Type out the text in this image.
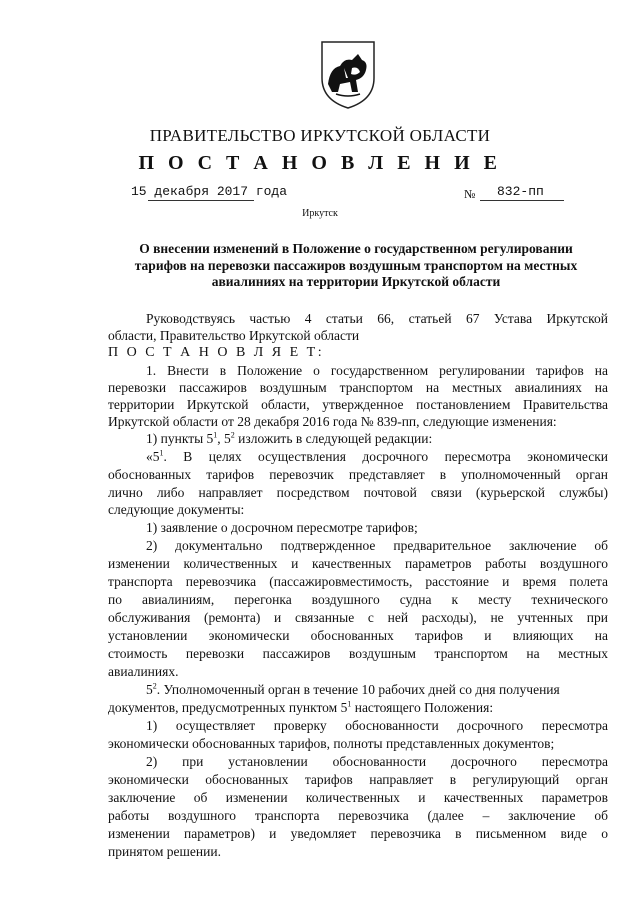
ПРАВИТЕЛЬСТВО ИРКУТСКОЙ ОБЛАСТИ
П О С Т А Н О В Л Е Н И Е
15 декабря 2017 года	№ 832-пп
Иркутск
О внесении изменений в Положение о государственном регулировании
тарифов на перевозки пассажиров воздушным транспортом на местных
авиалиниях на территории Иркутской области
Руководствуясь частью 4 статьи 66, статьей 67 Устава Иркутской
области, Правительство Иркутской области
П О С Т А Н О В Л Я Е Т:
1. Внести в Положение о государственном регулировании тарифов на
перевозки пассажиров воздушным транспортом на местных авиалиниях на
территории Иркутской области, утвержденное постановлением Правительства
Иркутской области от 28 декабря 2016 года № 839-пп, следующие изменения:
1) пункты $5^1$, $5^2$ изложить в следующей редакции:
«$5^1$. В целях осуществления досрочного пересмотра экономически
обоснованных тарифов перевозчик представляет в уполномоченный орган
лично либо направляет посредством почтовой связи (курьерской службы)
следующие документы:
1) заявление о досрочном пересмотре тарифов;
2) документально подтвержденное предварительное заключение об
изменении количественных и качественных параметров работы воздушного
транспорта перевозчика (пассажировместимость, расстояние и время полета
по авиалиниям, перегонка воздушного судна к месту технического
обслуживания (ремонта) и связанные с ней расходы), не учтенных при
установлении экономически обоснованных тарифов и влияющих на
стоимость перевозки пассажиров воздушным транспортом на местных
авиалиниях.
$5^2$. Уполномоченный орган в течение 10 рабочих дней со дня получения
документов, предусмотренных пунктом $5^1$ настоящего Положения:
1) осуществляет проверку обоснованности досрочного пересмотра
экономически обоснованных тарифов, полноты представленных документов;
2) при установлении обоснованности досрочного пересмотра
экономически обоснованных тарифов направляет в регулирующий орган
заключение об изменении количественных и качественных параметров
работы воздушного транспорта перевозчика (далее – заключение об
изменении параметров) и уведомляет перевозчика в письменном виде о
принятом решении.
